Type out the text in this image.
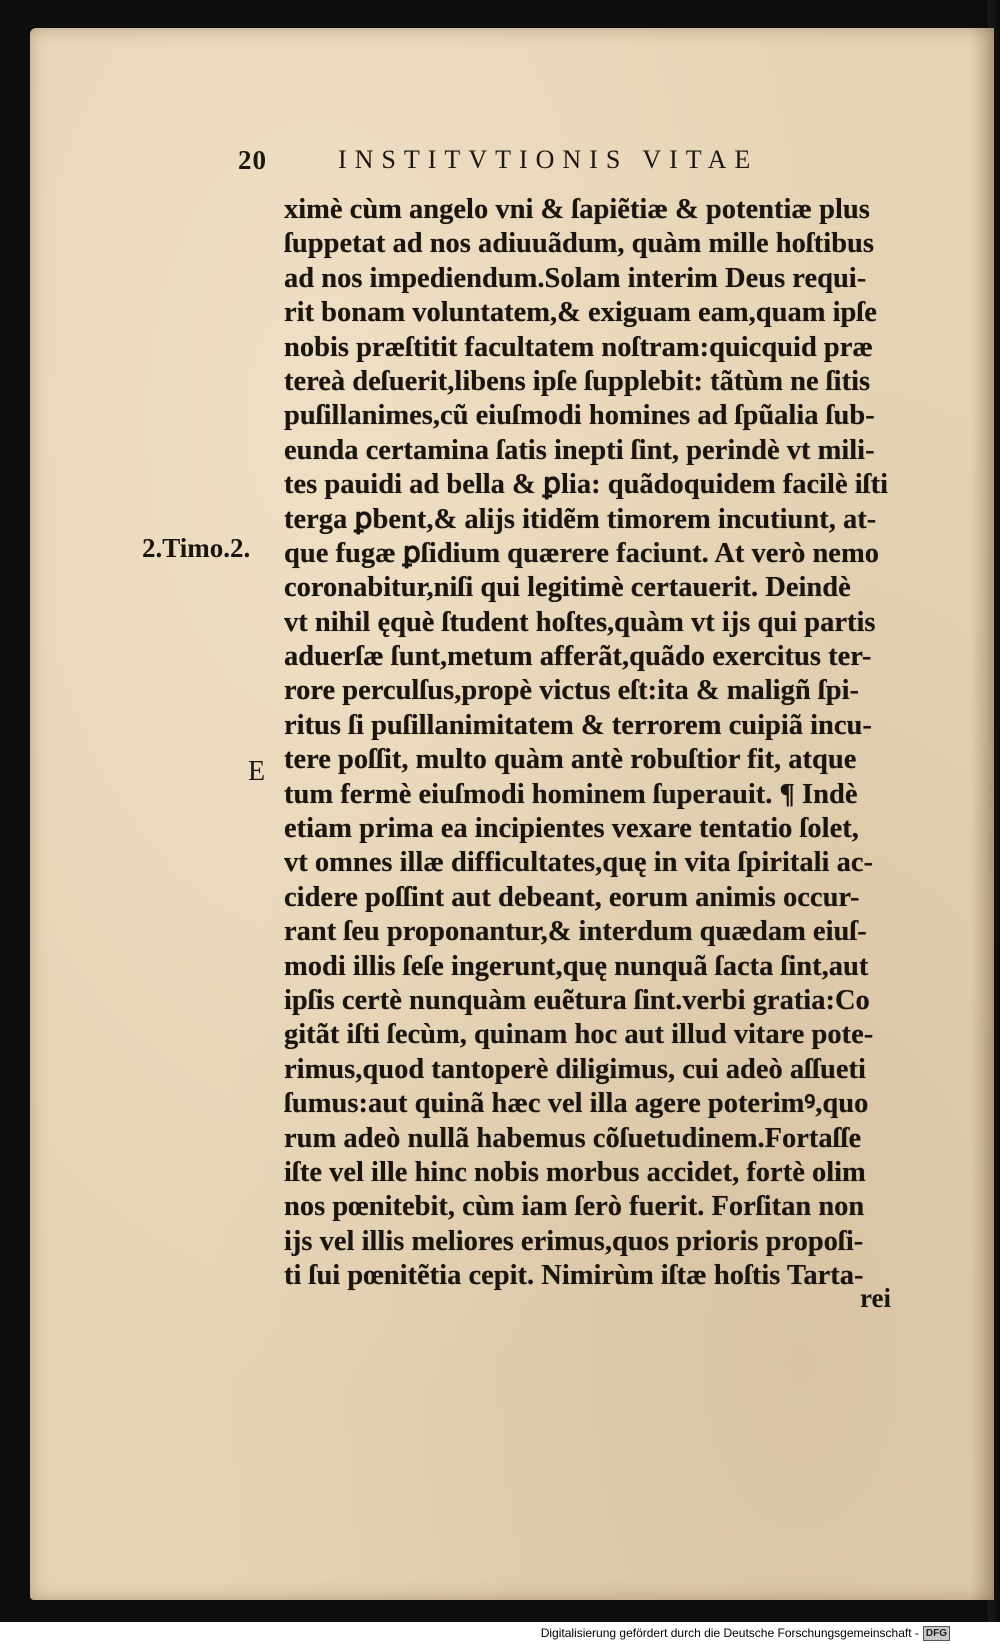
20	INSTITVTIONIS VITAE
2.Timo.2.
E
ximè cùm angelo vni & ſapiẽtiæ & potentiæ plus
ſuppetat ad nos adiuuãdum, quàm mille hoſtibus
ad nos impediendum.Solam interim Deus requi-
rit bonam voluntatem,& exiguam eam,quam ipſe
nobis præſtitit facultatem noſtram:quicquid præ
tereà deſuerit,libens ipſe ſupplebit: tãtùm ne ſitis
puſillanimes,cũ eiuſmodi homines ad ſpũalia ſub-
eunda certamina ſatis inepti ſint, perindè vt mili-
tes pauidi ad bella & ꝑlia: quãdoquidem facilè iſti
terga ꝑbent,& alijs itidẽm timorem incutiunt, at-
que fugæ ꝑſidium quærere faciunt. At verò nemo
coronabitur,niſi qui legitimè certauerit. Deindè
vt nihil ęquè ſtudent hoſtes,quàm vt ijs qui partis
aduerſæ ſunt,metum afferãt,quãdo exercitus ter-
rore perculſus,propè victus eſt:ita & maligñ ſpi-
ritus ſi puſillanimitatem & terrorem cuipiã incu-
tere poſſit, multo quàm antè robuſtior fit, atque
tum fermè eiuſmodi hominem ſuperauit. ¶ Indè
etiam prima ea incipientes vexare tentatio ſolet,
vt omnes illæ difficultates,quę in vita ſpiritali ac-
cidere poſſint aut debeant, eorum animis occur-
rant ſeu proponantur,& interdum quædam eiuſ-
modi illis ſeſe ingerunt,quę nunquã ſacta ſint,aut
ipſis certè nunquàm euẽtura ſint.verbi gratia:Co
gitãt iſti ſecùm, quinam hoc aut illud vitare pote-
rimus,quod tantoperè diligimus, cui adeò aſſueti
ſumus:aut quinã hæc vel illa agere poterimꝰ,quo
rum adeò nullã habemus cõſuetudinem.Fortaſſe
iſte vel ille hinc nobis morbus accidet, fortè olim
nos pœnitebit, cùm iam ſerò fuerit. Forſitan non
ijs vel illis meliores erimus,quos prioris propoſi-
ti ſui pœnitẽtia cepit. Nimirùm iſtæ hoſtis Tarta-
rei
Digitalisierung gefördert durch die Deutsche Forschungsgemeinschaft - DFG
